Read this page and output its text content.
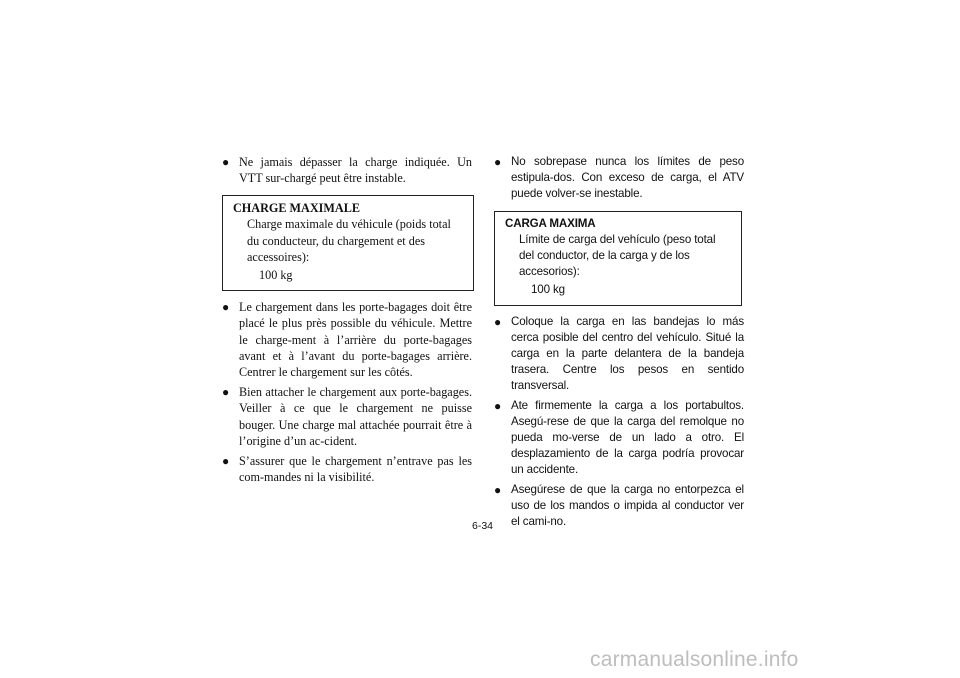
● Ne jamais dépasser la charge indiquée. Un VTT sur-chargé peut être instable.
CHARGE MAXIMALE
Charge maximale du véhicule (poids total du conducteur, du chargement et des accessoires):
100 kg
● Le chargement dans les porte-bagages doit être placé le plus près possible du véhicule. Mettre le charge-ment à l’arrière du porte-bagages avant et à l’avant du porte-bagages arrière. Centrer le chargement sur les côtés.
● Bien attacher le chargement aux porte-bagages. Veiller à ce que le chargement ne puisse bouger. Une charge mal attachée pourrait être à l’origine d’un ac-cident.
● S’assurer que le chargement n’entrave pas les com-mandes ni la visibilité.
● No sobrepase nunca los límites de peso estipula-dos. Con exceso de carga, el ATV puede volver-se inestable.
CARGA MAXIMA
Límite de carga del vehículo (peso total del conductor, de la carga y de los accesorios):
100 kg
● Coloque la carga en las bandejas lo más cerca posible del centro del vehículo. Situé la carga en la parte delantera de la bandeja trasera. Centre los pesos en sentido transversal.
● Ate firmemente la carga a los portabultos. Asegú-rese de que la carga del remolque no pueda mo-verse de un lado a otro. El desplazamiento de la carga podría provocar un accidente.
● Asegúrese de que la carga no entorpezca el uso de los mandos o impida al conductor ver el cami-no.
6-34
carmanualsonline.info
